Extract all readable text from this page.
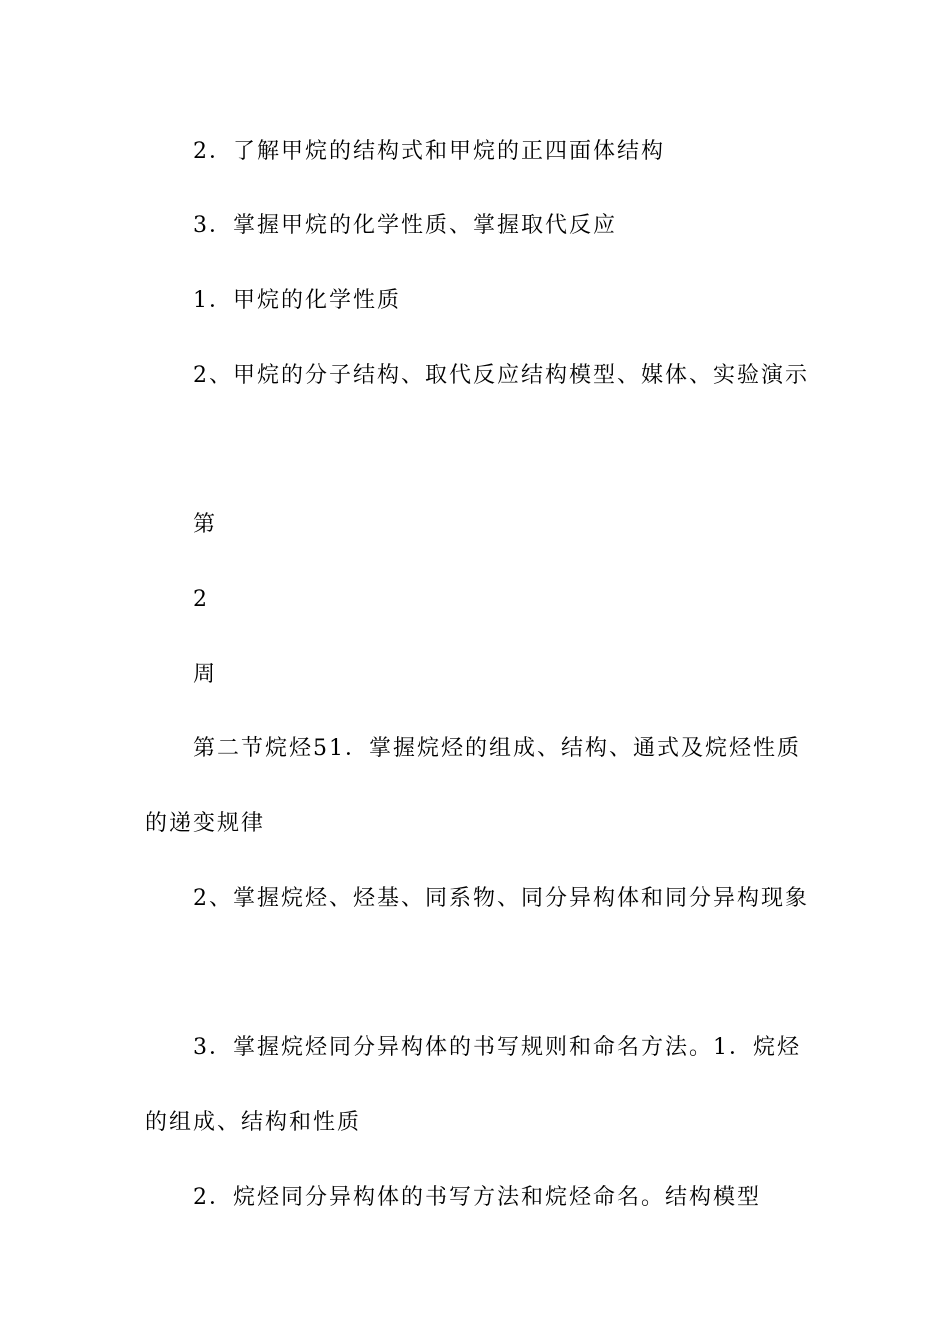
2．了解甲烷的结构式和甲烷的正四面体结构

3．掌握甲烷的化学性质、掌握取代反应

1．甲烷的化学性质

2、甲烷的分子结构、取代反应结构模型、媒体、实验演示

第

2

周

第二节烷烃51．掌握烷烃的组成、结构、通式及烷烃性质

的递变规律

2、掌握烷烃、烃基、同系物、同分异构体和同分异构现象

3．掌握烷烃同分异构体的书写规则和命名方法。1．烷烃

的组成、结构和性质

2．烷烃同分异构体的书写方法和烷烃命名。结构模型
